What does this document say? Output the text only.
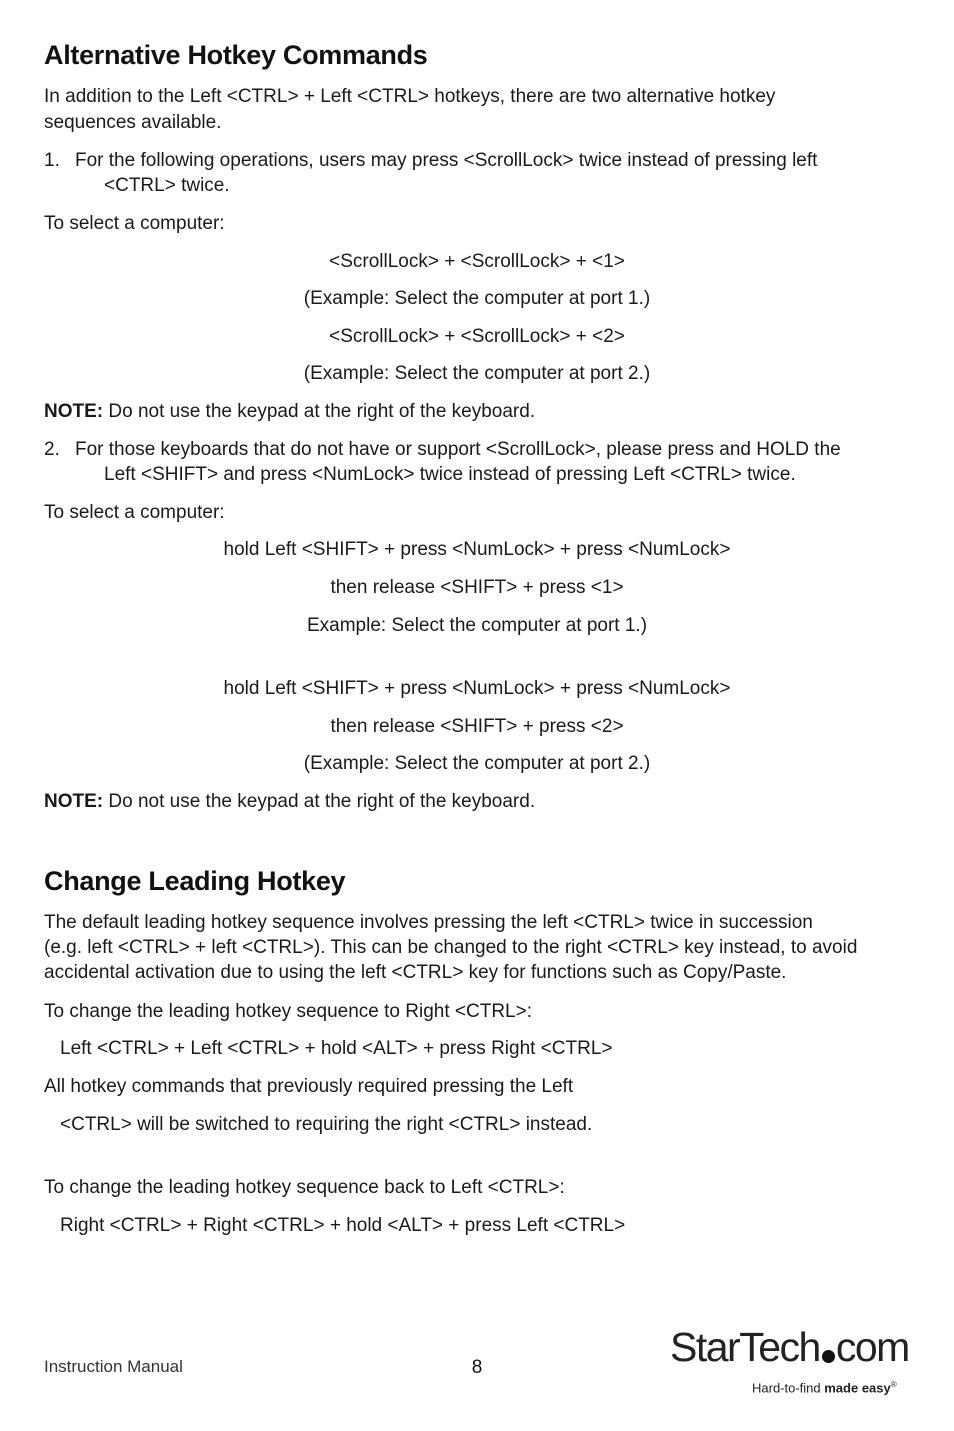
Alternative Hotkey Commands
In addition to the Left <CTRL> + Left <CTRL> hotkeys, there are two alternative hotkey
sequences available.
1. For the following operations, users may press <ScrollLock> twice instead of pressing left
<CTRL> twice.
To select a computer:
<ScrollLock> + <ScrollLock> + <1>
(Example: Select the computer at port 1.)
<ScrollLock> + <ScrollLock> + <2>
(Example: Select the computer at port 2.)
NOTE: Do not use the keypad at the right of the keyboard.
2. For those keyboards that do not have or support <ScrollLock>, please press and HOLD the
Left <SHIFT> and press <NumLock> twice instead of pressing Left <CTRL> twice.
To select a computer:
hold Left <SHIFT> + press <NumLock> + press <NumLock>
then release <SHIFT> + press <1>
Example: Select the computer at port 1.)
hold Left <SHIFT> + press <NumLock> + press <NumLock>
then release <SHIFT> + press <2>
(Example: Select the computer at port 2.)
NOTE: Do not use the keypad at the right of the keyboard.
Change Leading Hotkey
The default leading hotkey sequence involves pressing the left <CTRL> twice in succession
(e.g. left <CTRL> + left <CTRL>). This can be changed to the right <CTRL> key instead, to avoid
accidental activation due to using the left <CTRL> key for functions such as Copy/Paste.
To change the leading hotkey sequence to Right <CTRL>:
Left <CTRL> + Left <CTRL> + hold <ALT> + press Right <CTRL>
All hotkey commands that previously required pressing the Left
<CTRL> will be switched to requiring the right <CTRL> instead.
To change the leading hotkey sequence back to Left <CTRL>:
Right <CTRL> + Right <CTRL> + hold <ALT> + press Left <CTRL>
Instruction Manual	8	StarTech com
Hard-to-find made easy®
